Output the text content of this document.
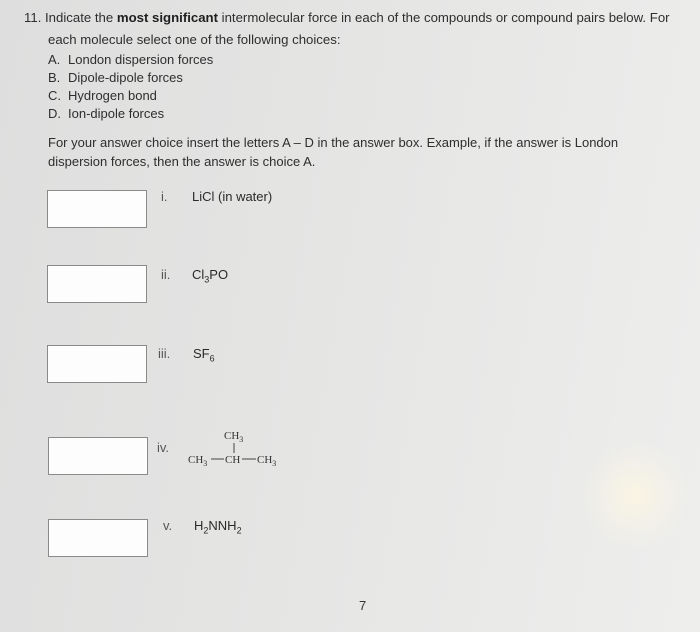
11. Indicate the most significant intermolecular force in each of the compounds or compound pairs below. For
each molecule select one of the following choices:
A. London dispersion forces
B. Dipole-dipole forces
C. Hydrogen bond
D. Ion-dipole forces
For your answer choice insert the letters A – D in the answer box. Example, if the answer is London
dispersion forces, then the answer is choice A.
i. LiCl (in water)
ii. $Cl_3PO$
iii. $SF_6$
iv.
$CH_3$
$CH_3$ CH $CH_3$
v. $H_2NNH_2$
7
